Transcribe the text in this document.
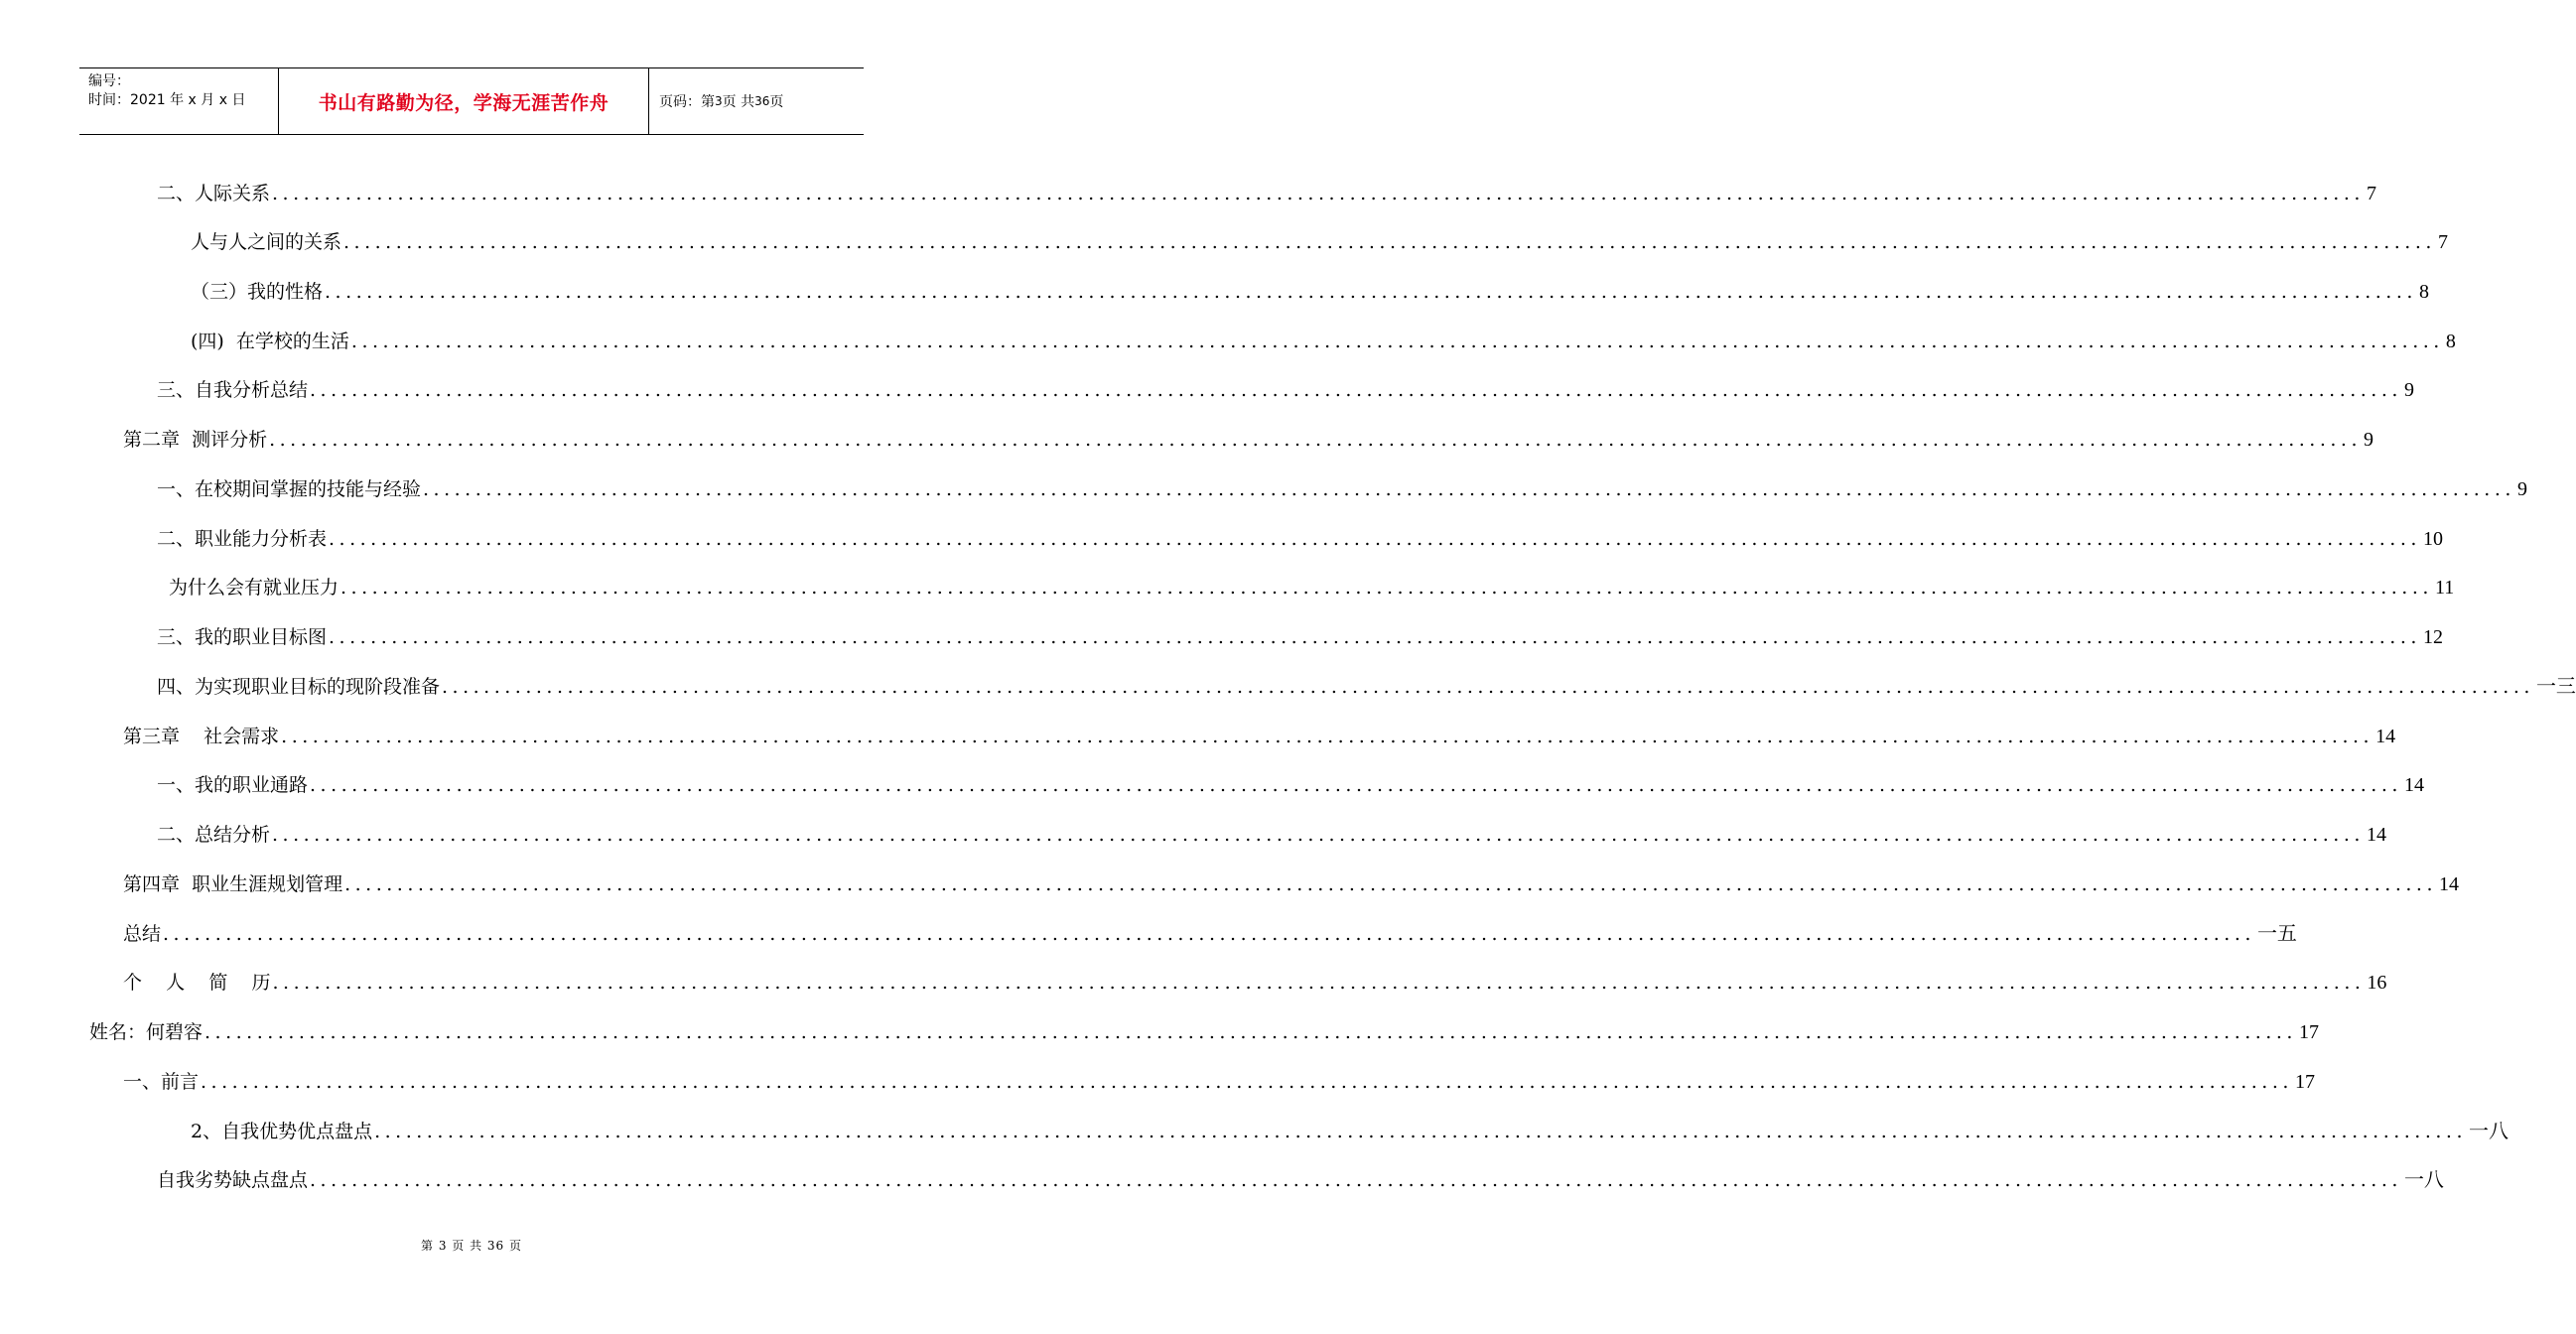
编号：
时间：2021 年 x 月 x 日	书山有路勤为径，学海无涯苦作舟	页码：第 3 页 共 36 页
二、人际关系 ........................................................................................................................................................................................................ 7
人与人之间的关系 ........................................................................................................................................................................................................ 7
（三）我的性格 ........................................................................................................................................................................................................ 8
(四)  在学校的生活 ........................................................................................................................................................................................................ 8
三、自我分析总结 ........................................................................................................................................................................................................ 9
第二章  测评分析 ........................................................................................................................................................................................................ 9
一、在校期间掌握的技能与经验 ........................................................................................................................................................................................................ 9
二、职业能力分析表 ........................................................................................................................................................................................................ 10
为什么会有就业压力 ........................................................................................................................................................................................................ 11
三、我的职业目标图 ........................................................................................................................................................................................................ 12
四、为实现职业目标的现阶段准备 ........................................................................................................................................................................................................ 一三
第三章    社会需求 ........................................................................................................................................................................................................ 14
一、我的职业通路 ........................................................................................................................................................................................................ 14
二、总结分析 ........................................................................................................................................................................................................ 14
第四章  职业生涯规划管理 ........................................................................................................................................................................................................ 14
总结 ........................................................................................................................................................................................................ 一五
个    人    简    历 ........................................................................................................................................................................................................ 16
姓名：何碧容 ........................................................................................................................................................................................................ 17
一、前言 ........................................................................................................................................................................................................ 17
2、自我优势优点盘点 ........................................................................................................................................................................................................ 一八
自我劣势缺点盘点 ........................................................................................................................................................................................................ 一八
第 3 页 共 36 页
